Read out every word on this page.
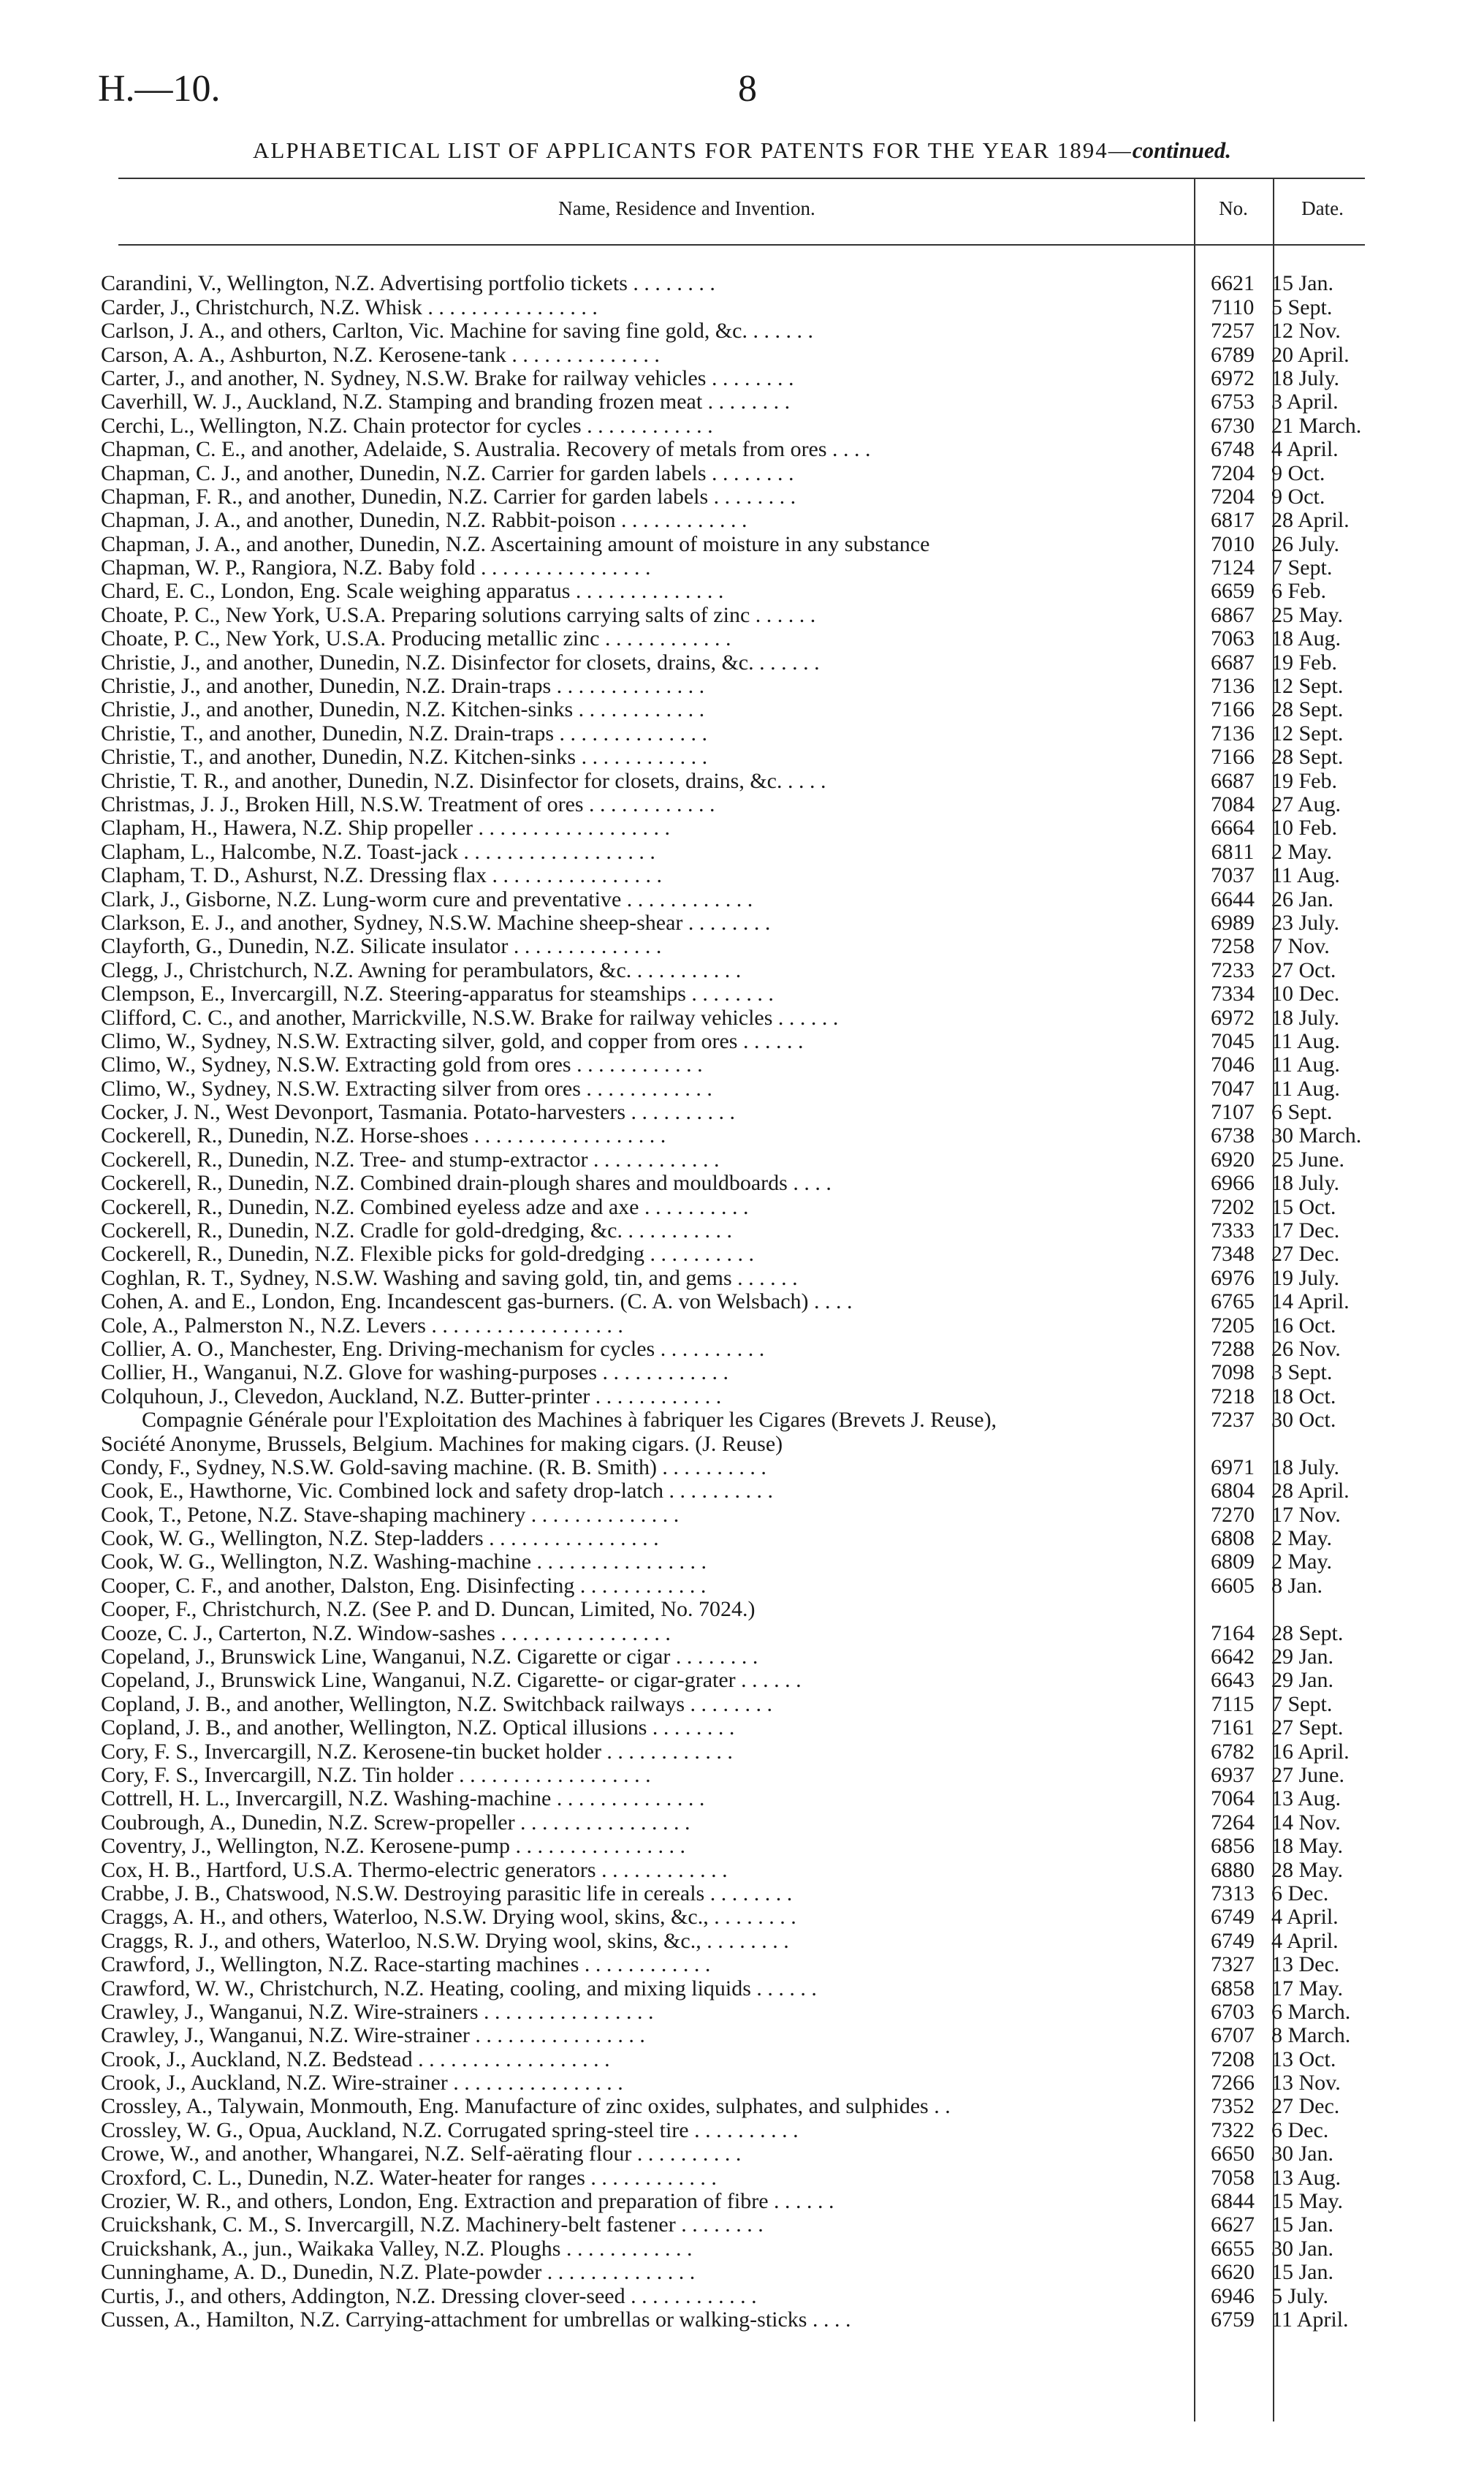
H.—10.	8
ALPHABETICAL LIST OF APPLICANTS FOR PATENTS FOR THE YEAR 1894—continued.
Name, Residence and Invention.	No.	Date.
Carandini, V., Wellington, N.Z. Advertising portfolio tickets . . . . . . . .	6621	15 Jan.
Carder, J., Christchurch, N.Z. Whisk . . . . . . . . . . . . . . . .	7110	5 Sept.
Carlson, J. A., and others, Carlton, Vic. Machine for saving fine gold, &c. . . . . . .	7257	12 Nov.
Carson, A. A., Ashburton, N.Z. Kerosene-tank . . . . . . . . . . . . . .	6789	20 April.
Carter, J., and another, N. Sydney, N.S.W. Brake for railway vehicles . . . . . . . .	6972	18 July.
Caverhill, W. J., Auckland, N.Z. Stamping and branding frozen meat . . . . . . . .	6753	3 April.
Cerchi, L., Wellington, N.Z. Chain protector for cycles . . . . . . . . . . . .	6730	21 March.
Chapman, C. E., and another, Adelaide, S. Australia. Recovery of metals from ores . . . .	6748	4 April.
Chapman, C. J., and another, Dunedin, N.Z. Carrier for garden labels . . . . . . . .	7204	9 Oct.
Chapman, F. R., and another, Dunedin, N.Z. Carrier for garden labels . . . . . . . .	7204	9 Oct.
Chapman, J. A., and another, Dunedin, N.Z. Rabbit-poison . . . . . . . . . . . .	6817	28 April.
Chapman, J. A., and another, Dunedin, N.Z. Ascertaining amount of moisture in any substance	7010	26 July.
Chapman, W. P., Rangiora, N.Z. Baby fold . . . . . . . . . . . . . . . .	7124	7 Sept.
Chard, E. C., London, Eng. Scale weighing apparatus . . . . . . . . . . . . . .	6659	6 Feb.
Choate, P. C., New York, U.S.A. Preparing solutions carrying salts of zinc . . . . . .	6867	25 May.
Choate, P. C., New York, U.S.A. Producing metallic zinc . . . . . . . . . . . .	7063	18 Aug.
Christie, J., and another, Dunedin, N.Z. Disinfector for closets, drains, &c. . . . . . .	6687	19 Feb.
Christie, J., and another, Dunedin, N.Z. Drain-traps . . . . . . . . . . . . . .	7136	12 Sept.
Christie, J., and another, Dunedin, N.Z. Kitchen-sinks . . . . . . . . . . . .	7166	28 Sept.
Christie, T., and another, Dunedin, N.Z. Drain-traps . . . . . . . . . . . . . .	7136	12 Sept.
Christie, T., and another, Dunedin, N.Z. Kitchen-sinks . . . . . . . . . . . .	7166	28 Sept.
Christie, T. R., and another, Dunedin, N.Z. Disinfector for closets, drains, &c. . . . .	6687	19 Feb.
Christmas, J. J., Broken Hill, N.S.W. Treatment of ores . . . . . . . . . . . .	7084	27 Aug.
Clapham, H., Hawera, N.Z. Ship propeller . . . . . . . . . . . . . . . . . .	6664	10 Feb.
Clapham, L., Halcombe, N.Z. Toast-jack . . . . . . . . . . . . . . . . . .	6811	2 May.
Clapham, T. D., Ashurst, N.Z. Dressing flax . . . . . . . . . . . . . . . .	7037	11 Aug.
Clark, J., Gisborne, N.Z. Lung-worm cure and preventative . . . . . . . . . . . .	6644	26 Jan.
Clarkson, E. J., and another, Sydney, N.S.W. Machine sheep-shear . . . . . . . .	6989	23 July.
Clayforth, G., Dunedin, N.Z. Silicate insulator . . . . . . . . . . . . . .	7258	7 Nov.
Clegg, J., Christchurch, N.Z. Awning for perambulators, &c. . . . . . . . . . .	7233	27 Oct.
Clempson, E., Invercargill, N.Z. Steering-apparatus for steamships . . . . . . . .	7334	10 Dec.
Clifford, C. C., and another, Marrickville, N.S.W. Brake for railway vehicles . . . . . .	6972	18 July.
Climo, W., Sydney, N.S.W. Extracting silver, gold, and copper from ores . . . . . .	7045	11 Aug.
Climo, W., Sydney, N.S.W. Extracting gold from ores . . . . . . . . . . . .	7046	11 Aug.
Climo, W., Sydney, N.S.W. Extracting silver from ores . . . . . . . . . . . .	7047	11 Aug.
Cocker, J. N., West Devonport, Tasmania. Potato-harvesters . . . . . . . . . .	7107	6 Sept.
Cockerell, R., Dunedin, N.Z. Horse-shoes . . . . . . . . . . . . . . . . . .	6738	30 March.
Cockerell, R., Dunedin, N.Z. Tree- and stump-extractor . . . . . . . . . . . .	6920	25 June.
Cockerell, R., Dunedin, N.Z. Combined drain-plough shares and mouldboards . . . .	6966	18 July.
Cockerell, R., Dunedin, N.Z. Combined eyeless adze and axe . . . . . . . . . .	7202	15 Oct.
Cockerell, R., Dunedin, N.Z. Cradle for gold-dredging, &c. . . . . . . . . . .	7333	17 Dec.
Cockerell, R., Dunedin, N.Z. Flexible picks for gold-dredging . . . . . . . . . .	7348	27 Dec.
Coghlan, R. T., Sydney, N.S.W. Washing and saving gold, tin, and gems . . . . . .	6976	19 July.
Cohen, A. and E., London, Eng. Incandescent gas-burners. (C. A. von Welsbach) . . . .	6765	14 April.
Cole, A., Palmerston N., N.Z. Levers . . . . . . . . . . . . . . . . . .	7205	16 Oct.
Collier, A. O., Manchester, Eng. Driving-mechanism for cycles . . . . . . . . . .	7288	26 Nov.
Collier, H., Wanganui, N.Z. Glove for washing-purposes . . . . . . . . . . . .	7098	3 Sept.
Colquhoun, J., Clevedon, Auckland, N.Z. Butter-printer . . . . . . . . . . . .	7218	18 Oct.
Compagnie Générale pour l'Exploitation des Machines à fabriquer les Cigares (Brevets J. Reuse),	7237	30 Oct.
Société Anonyme, Brussels, Belgium. Machines for making cigars. (J. Reuse)		
Condy, F., Sydney, N.S.W. Gold-saving machine. (R. B. Smith) . . . . . . . . . .	6971	18 July.
Cook, E., Hawthorne, Vic. Combined lock and safety drop-latch . . . . . . . . . .	6804	28 April.
Cook, T., Petone, N.Z. Stave-shaping machinery . . . . . . . . . . . . . .	7270	17 Nov.
Cook, W. G., Wellington, N.Z. Step-ladders . . . . . . . . . . . . . . . .	6808	2 May.
Cook, W. G., Wellington, N.Z. Washing-machine . . . . . . . . . . . . . . . .	6809	2 May.
Cooper, C. F., and another, Dalston, Eng. Disinfecting . . . . . . . . . . . .	6605	8 Jan.
Cooper, F., Christchurch, N.Z. (See P. and D. Duncan, Limited, No. 7024.)		
Cooze, C. J., Carterton, N.Z. Window-sashes . . . . . . . . . . . . . . . .	7164	28 Sept.
Copeland, J., Brunswick Line, Wanganui, N.Z. Cigarette or cigar . . . . . . . .	6642	29 Jan.
Copeland, J., Brunswick Line, Wanganui, N.Z. Cigarette- or cigar-grater . . . . . .	6643	29 Jan.
Copland, J. B., and another, Wellington, N.Z. Switchback railways . . . . . . . .	7115	7 Sept.
Copland, J. B., and another, Wellington, N.Z. Optical illusions . . . . . . . .	7161	27 Sept.
Cory, F. S., Invercargill, N.Z. Kerosene-tin bucket holder . . . . . . . . . . . .	6782	16 April.
Cory, F. S., Invercargill, N.Z. Tin holder . . . . . . . . . . . . . . . . . .	6937	27 June.
Cottrell, H. L., Invercargill, N.Z. Washing-machine . . . . . . . . . . . . . .	7064	13 Aug.
Coubrough, A., Dunedin, N.Z. Screw-propeller . . . . . . . . . . . . . . . .	7264	14 Nov.
Coventry, J., Wellington, N.Z. Kerosene-pump . . . . . . . . . . . . . . . .	6856	18 May.
Cox, H. B., Hartford, U.S.A. Thermo-electric generators . . . . . . . . . . . .	6880	28 May.
Crabbe, J. B., Chatswood, N.S.W. Destroying parasitic life in cereals . . . . . . . .	7313	6 Dec.
Craggs, A. H., and others, Waterloo, N.S.W. Drying wool, skins, &c., . . . . . . . .	6749	4 April.
Craggs, R. J., and others, Waterloo, N.S.W. Drying wool, skins, &c., . . . . . . . .	6749	4 April.
Crawford, J., Wellington, N.Z. Race-starting machines . . . . . . . . . . . .	7327	13 Dec.
Crawford, W. W., Christchurch, N.Z. Heating, cooling, and mixing liquids . . . . . .	6858	17 May.
Crawley, J., Wanganui, N.Z. Wire-strainers . . . . . . . . . . . . . . . .	6703	6 March.
Crawley, J., Wanganui, N.Z. Wire-strainer . . . . . . . . . . . . . . . .	6707	8 March.
Crook, J., Auckland, N.Z. Bedstead . . . . . . . . . . . . . . . . . .	7208	13 Oct.
Crook, J., Auckland, N.Z. Wire-strainer . . . . . . . . . . . . . . . .	7266	13 Nov.
Crossley, A., Talywain, Monmouth, Eng. Manufacture of zinc oxides, sulphates, and sulphides . .	7352	27 Dec.
Crossley, W. G., Opua, Auckland, N.Z. Corrugated spring-steel tire . . . . . . . . . .	7322	6 Dec.
Crowe, W., and another, Whangarei, N.Z. Self-aërating flour . . . . . . . . . .	6650	30 Jan.
Croxford, C. L., Dunedin, N.Z. Water-heater for ranges . . . . . . . . . . . .	7058	13 Aug.
Crozier, W. R., and others, London, Eng. Extraction and preparation of fibre . . . . . .	6844	15 May.
Cruickshank, C. M., S. Invercargill, N.Z. Machinery-belt fastener . . . . . . . .	6627	15 Jan.
Cruickshank, A., jun., Waikaka Valley, N.Z. Ploughs . . . . . . . . . . . .	6655	30 Jan.
Cunninghame, A. D., Dunedin, N.Z. Plate-powder . . . . . . . . . . . . . .	6620	15 Jan.
Curtis, J., and others, Addington, N.Z. Dressing clover-seed . . . . . . . . . . . .	6946	5 July.
Cussen, A., Hamilton, N.Z. Carrying-attachment for umbrellas or walking-sticks . . . .	6759	11 April.
